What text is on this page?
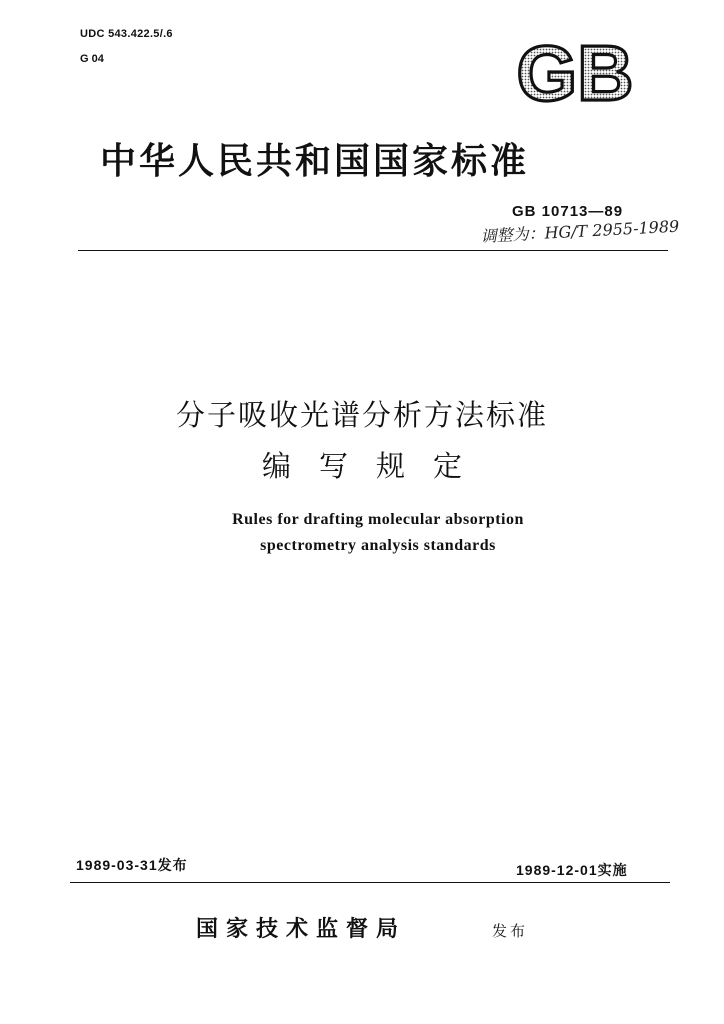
UDC 543.422.5/.6
G 04	GB
中华人民共和国国家标准
GB 10713—89
调整为：HG/T 2955-1989
分子吸收光谱分析方法标准
编写规定
Rules for drafting molecular absorption
spectrometry analysis standards
1989-03-31发布	1989-12-01实施
国家技术监督局	发布
